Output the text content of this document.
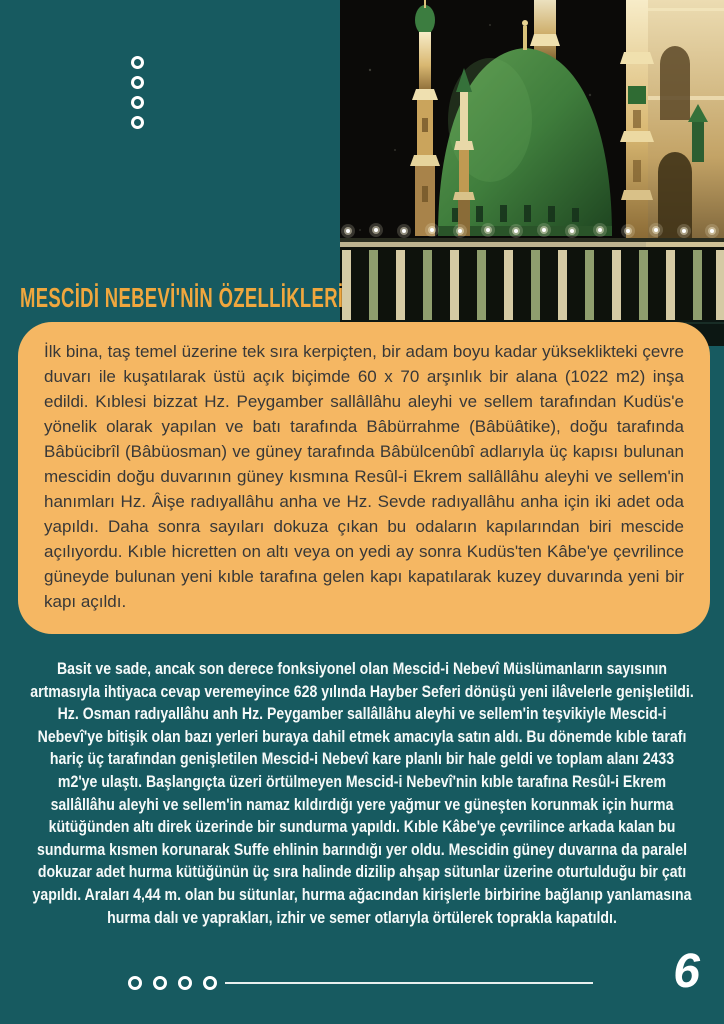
MESCİDİ NEBEVİ'NİN ÖZELLİKLERİ

İlk bina, taş temel üzerine tek sıra kerpiçten, bir adam boyu kadar yükseklikteki çevre duvarı ile kuşatılarak üstü açık biçimde 60 x 70 arşınlık bir alana (1022 m2) inşa edildi. Kıblesi bizzat Hz. Peygamber sallâllâhu aleyhi ve sellem tarafından Kudüs'e yönelik olarak yapılan ve batı tarafında Bâbürrahme (Bâbüâtike), doğu tarafında Bâbücibrîl (Bâbüosman) ve güney tarafında Bâbülcenûbî adlarıyla üç kapısı bulunan mescidin doğu duvarının güney kısmına Resûl-i Ekrem sallâllâhu aleyhi ve sellem'in hanımları Hz. Âişe radıyallâhu anha ve Hz. Sevde radıyallâhu anha için iki adet oda yapıldı. Daha sonra sayıları dokuza çıkan bu odaların kapılarından biri mescide açılıyordu. Kıble hicretten on altı veya on yedi ay sonra Kudüs'ten Kâbe'ye çevrilince güneyde bulunan yeni kıble tarafına gelen kapı kapatılarak kuzey duvarında yeni bir kapı açıldı.

Basit ve sade, ancak son derece fonksiyonel olan Mescid-i Nebevî Müslümanların sayısının artmasıyla ihtiyaca cevap veremeyince 628 yılında Hayber Seferi dönüşü yeni ilâvelerle genişletildi. Hz. Osman radıyallâhu anh Hz. Peygamber sallâllâhu aleyhi ve sellem'in teşvikiyle Mescid-i Nebevî'ye bitişik olan bazı yerleri buraya dahil etmek amacıyla satın aldı. Bu dönemde kıble tarafı hariç üç tarafından genişletilen Mescid-i Nebevî kare planlı bir hale geldi ve toplam alanı 2433 m2'ye ulaştı. Başlangıçta üzeri örtülmeyen Mescid-i Nebevî'nin kıble tarafına Resûl-i Ekrem sallâllâhu aleyhi ve sellem'in namaz kıldırdığı yere yağmur ve güneşten korunmak için hurma kütüğünden altı direk üzerinde bir sundurma yapıldı. Kıble Kâbe'ye çevrilince arkada kalan bu sundurma kısmen korunarak Suffe ehlinin barındığı yer oldu. Mescidin güney duvarına da paralel dokuzar adet hurma kütüğünün üç sıra halinde dizilip ahşap sütunlar üzerine oturtulduğu bir çatı yapıldı. Araları 4,44 m. olan bu sütunlar, hurma ağacından kirişlerle birbirine bağlanıp yanlamasına hurma dalı ve yaprakları, izhir ve semer otlarıyla örtülerek toprakla kapatıldı.
6
